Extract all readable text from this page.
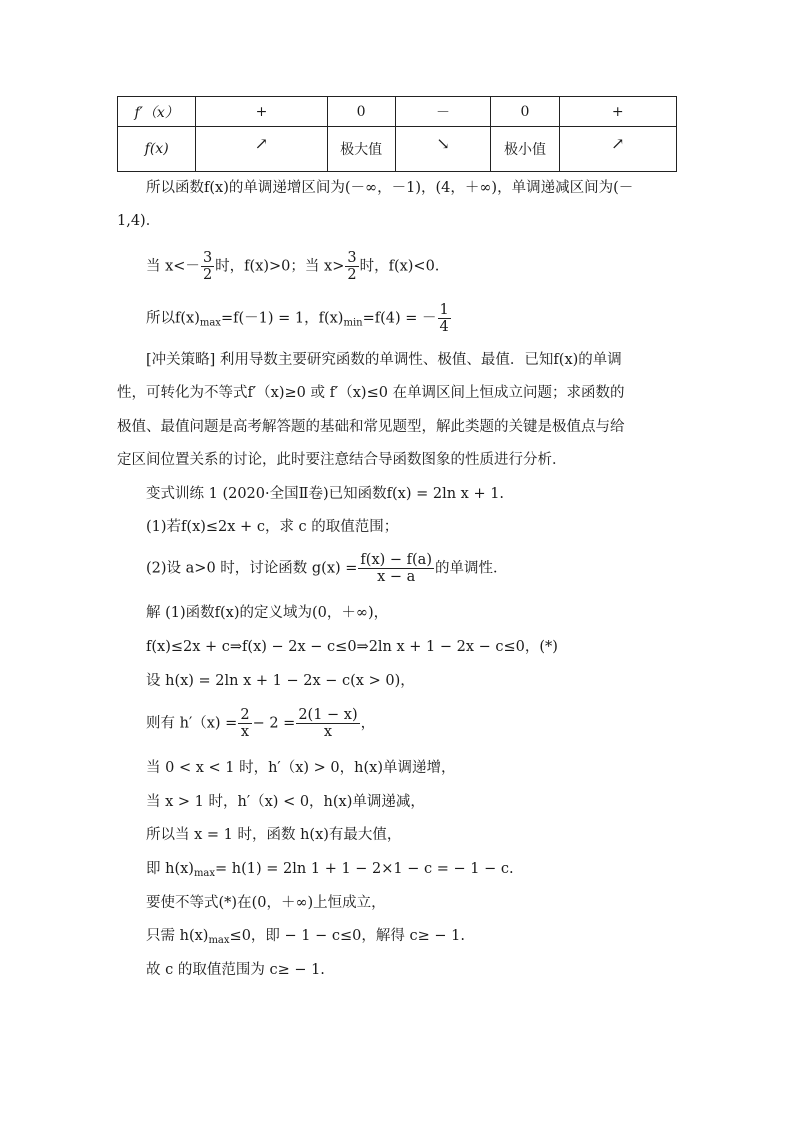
f′（x）	+	0	－	0	+
f(x)	↗	极大值	↘	极小值	↗
所以函数f(x)的单调递增区间为(－∞，－1)，(4，＋∞)，单调递减区间为(－
1,4)．
当 $x<- \frac{3}{2}$ 时，f(x)>0；当 $x> \frac{3}{2}$ 时，f(x)<0.
所以$f(x)_{max}=f(-1) = 1$，$f(x)_{min}=f(4)$ = － $\frac{1}{4}$
[冲关策略] 利用导数主要研究函数的单调性、极值、最值．已知f(x)的单调
性，可转化为不等式f′（x)≥0 或 f′（x)≤0 在单调区间上恒成立问题；求函数的
极值、最值问题是高考解答题的基础和常见题型，解此类题的关键是极值点与给
定区间位置关系的讨论，此时要注意结合导函数图象的性质进行分析．
变式训练 1 (2020·全国Ⅱ卷)已知函数f(x) = 2ln x + 1.
(1)若f(x)≤2x + c，求 c 的取值范围；
(2)设 a>0 时，讨论函数 $g(x) = \frac{f(x) - f(a)}{x - a}$ 的单调性．
解 (1)函数f(x)的定义域为(0，＋∞)，
f(x)≤2x + c⇒f(x) − 2x − c≤0⇒2ln x + 1 − 2x − c≤0，(*)
设 h(x) = 2ln x + 1 − 2x − c(x > 0)，
则有 $h'(x) = \frac{2}{x} - 2 = \frac{2(1 - x)}{x}$ ，
当 0 < x < 1 时，h′（x) > 0，h(x)单调递增，
当 x > 1 时，h′（x) < 0，h(x)单调递减，
所以当 x = 1 时，函数 h(x)有最大值，
即 $h(x)_{max}= h(1) = 2\ln$ 1 + 1 − 2×1 − c = − 1 − c.
要使不等式(*)在(0，＋∞)上恒成立，
只需 $h(x)_{max}\le 0$，即 − 1 − c≤0，解得 c≥ − 1.
故 c 的取值范围为 c≥ − 1.
